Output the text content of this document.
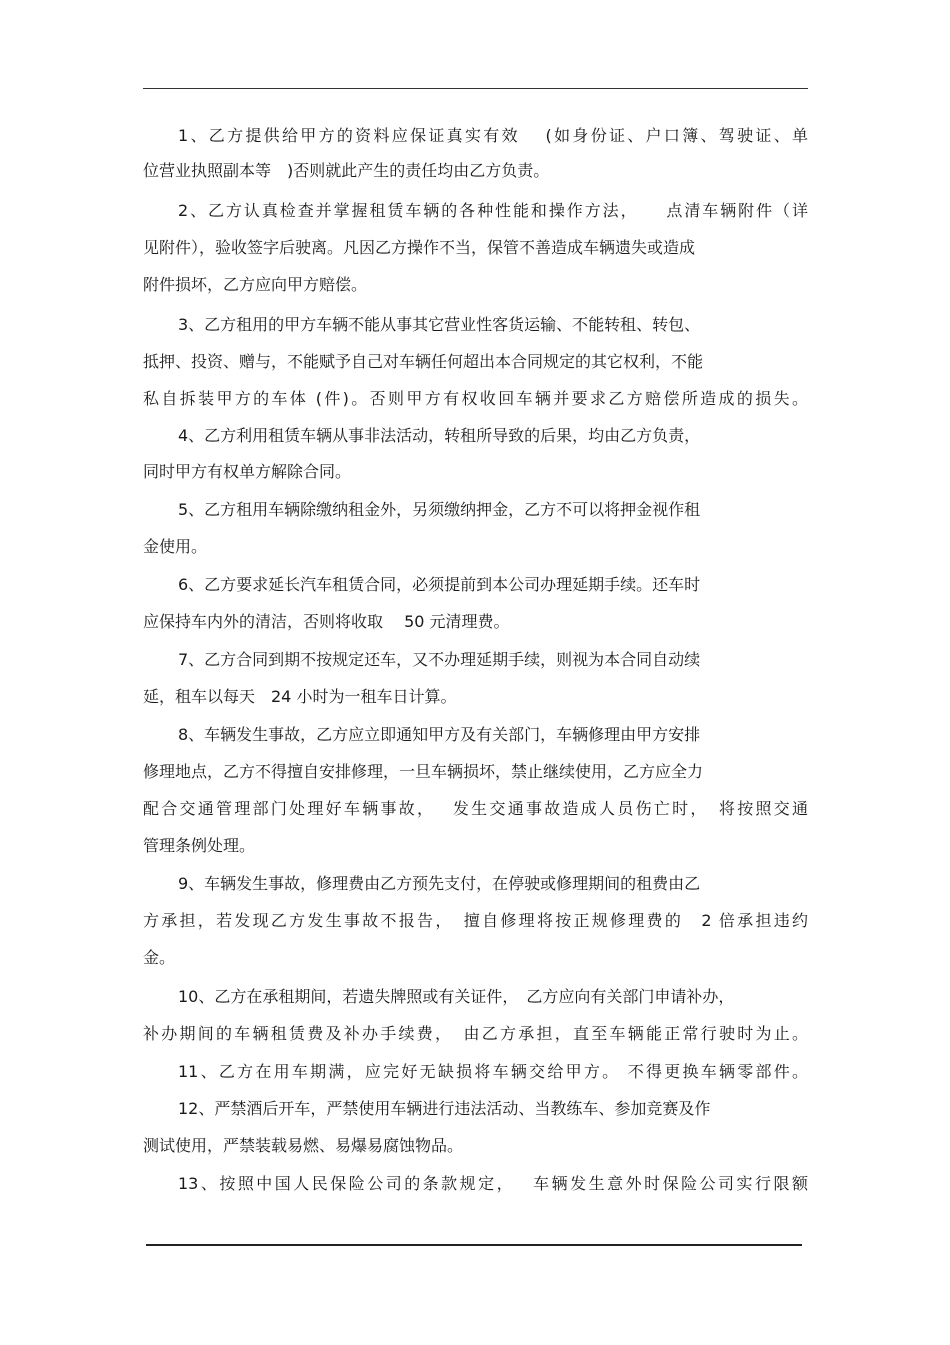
1、乙方提供给甲方的资料应保证真实有效　 (如身份证、户口簿、驾驶证、单
位营业执照副本等　)否则就此产生的责任均由乙方负责。
2、乙方认真检查并掌握租赁车辆的各种性能和操作方法，　　点清车辆附件（详
见附件），验收签字后驶离。凡因乙方操作不当，保管不善造成车辆遗失或造成
附件损坏，乙方应向甲方赔偿。
3、乙方租用的甲方车辆不能从事其它营业性客货运输、不能转租、转包、
抵押、投资、赠与，不能赋予自己对车辆任何超出本合同规定的其它权利，不能
私自拆装甲方的车体 (件)。否则甲方有权收回车辆并要求乙方赔偿所造成的损失。
4、乙方利用租赁车辆从事非法活动，转租所导致的后果，均由乙方负责，
同时甲方有权单方解除合同。
5、乙方租用车辆除缴纳租金外，另须缴纳押金，乙方不可以将押金视作租
金使用。
6、乙方要求延长汽车租赁合同，必须提前到本公司办理延期手续。还车时
应保持车内外的清洁，否则将收取　 50 元清理费。
7、乙方合同到期不按规定还车，又不办理延期手续，则视为本合同自动续
延，租车以每天　24 小时为一租车日计算。
8、车辆发生事故，乙方应立即通知甲方及有关部门，车辆修理由甲方安排
修理地点，乙方不得擅自安排修理，一旦车辆损坏，禁止继续使用，乙方应全力
配合交通管理部门处理好车辆事故，　 发生交通事故造成人员伤亡时，　将按照交通
管理条例处理。
9、车辆发生事故，修理费由乙方预先支付，在停驶或修理期间的租费由乙
方承担，若发现乙方发生事故不报告，　擅自修理将按正规修理费的　2 倍承担违约
金。
10、乙方在承租期间，若遗失牌照或有关证件，　乙方应向有关部门申请补办，
补办期间的车辆租赁费及补办手续费，　由乙方承担，直至车辆能正常行驶时为止。
11、乙方在用车期满，应完好无缺损将车辆交给甲方。 不得更换车辆零部件。
12、严禁酒后开车，严禁使用车辆进行违法活动、当教练车、参加竞赛及作
测试使用，严禁装载易燃、易爆易腐蚀物品。
13、按照中国人民保险公司的条款规定，　 车辆发生意外时保险公司实行限额
